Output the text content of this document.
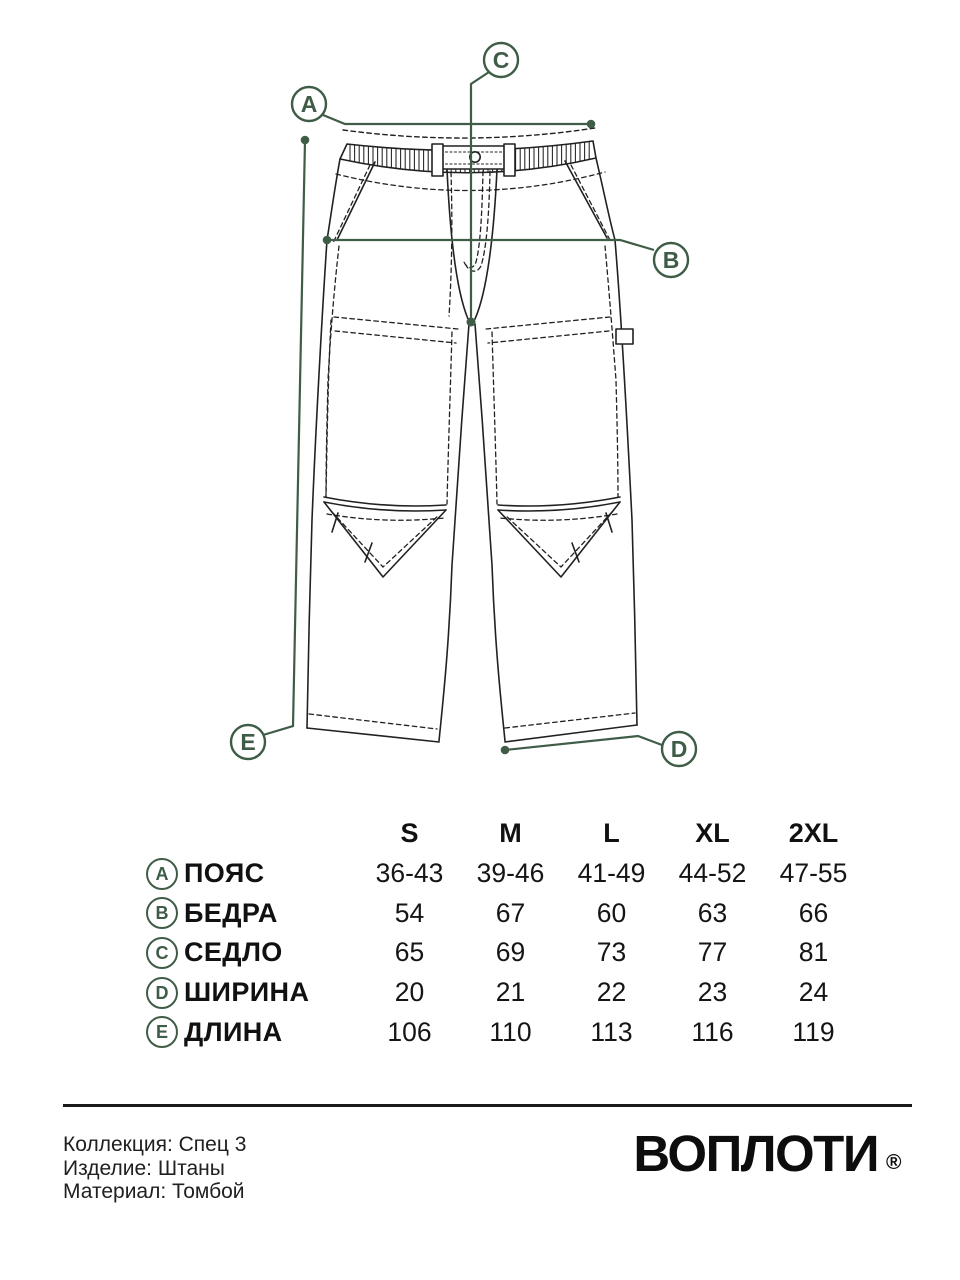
A
C
B
E	D
S	M	L	XL	2XL
A ПОЯС	36-43	39-46	41-49	44-52	47-55
B БЕДРА	54	67	60	63	66
C СЕДЛО	65	69	73	77	81
D ШИРИНА	20	21	22	23	24
E ДЛИНА	106	110	113	116	119
Коллекция: Спец 3
Изделие: Штаны
Материал: Томбой
ВОПЛОТИ ®
